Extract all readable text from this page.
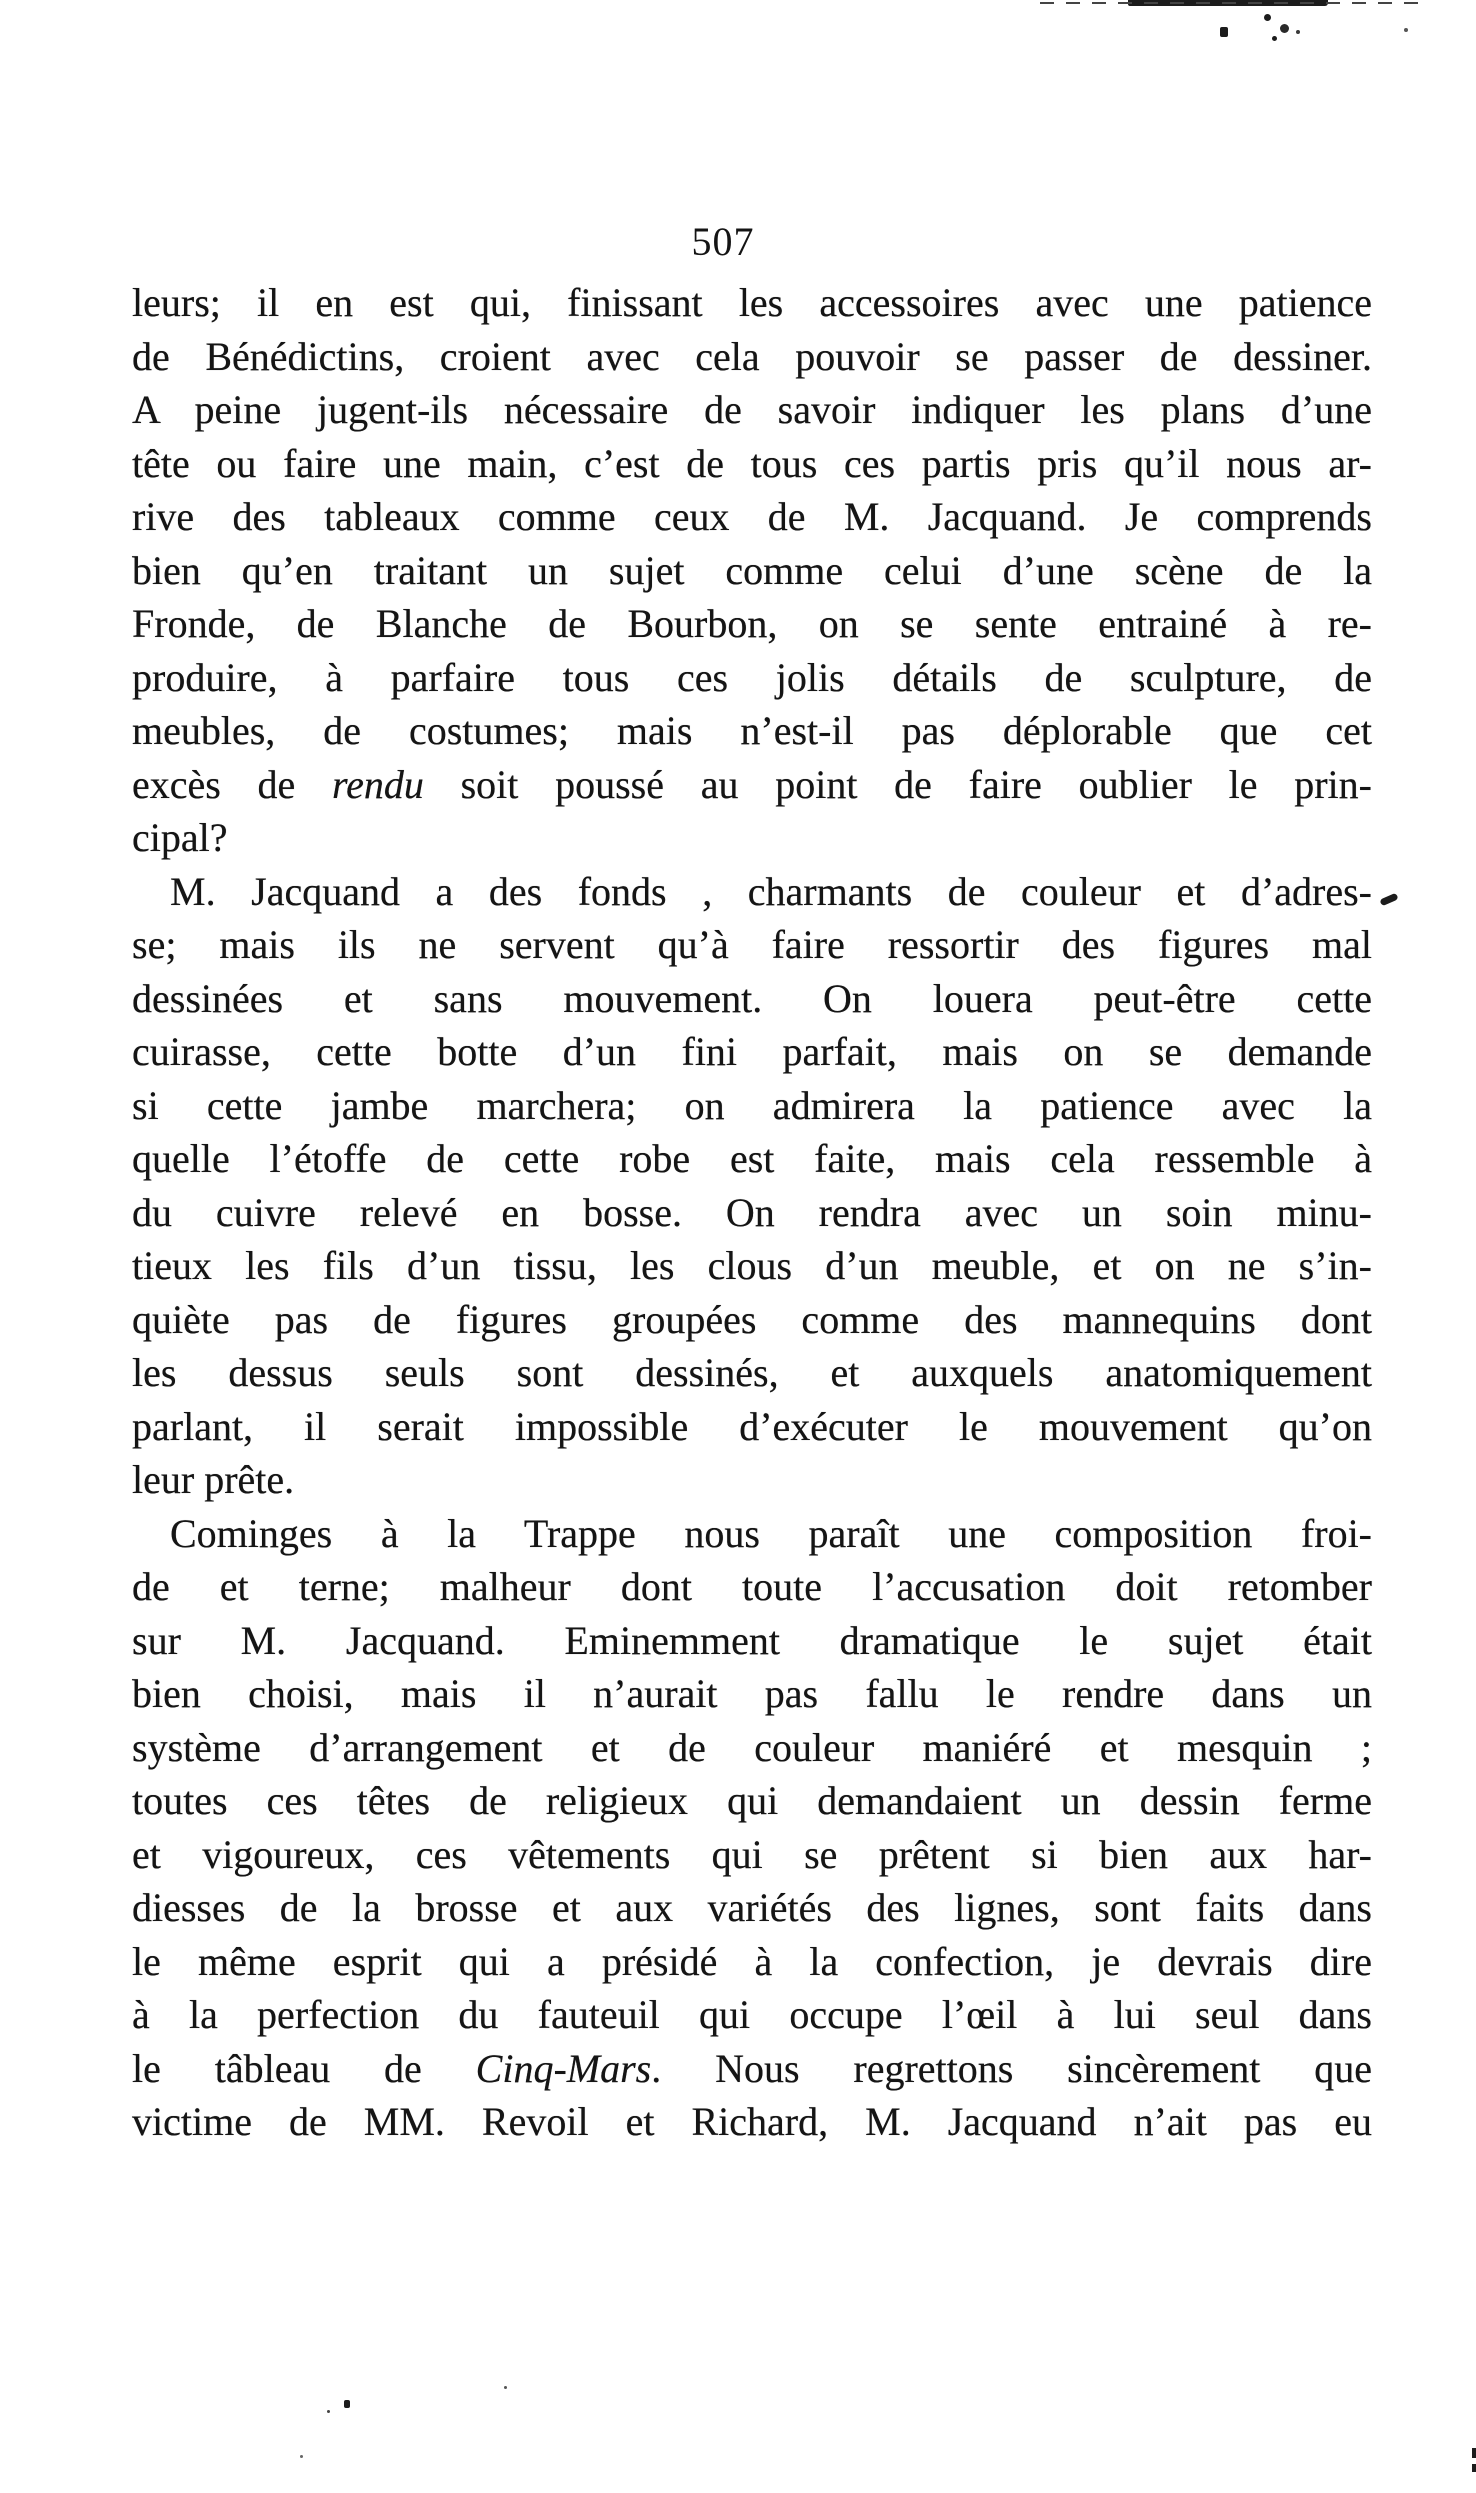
507
leurs; il en est qui, finissant les accessoires avec une patience
de Bénédictins, croient avec cela pouvoir se passer de dessiner.
A peine jugent-ils nécessaire de savoir indiquer les plans d’une
tête ou faire une main, c’est de tous ces partis pris qu’il nous ar-
rive des tableaux comme ceux de M. Jacquand. Je comprends
bien qu’en traitant un sujet comme celui d’une scène de la
Fronde, de Blanche de Bourbon, on se sente entrainé à re-
produire, à parfaire tous ces jolis détails de sculpture, de
meubles, de costumes; mais n’est-il pas déplorable que cet
excès de rendu soit poussé au point de faire oublier le prin-
cipal?
M. Jacquand a des fonds , charmants de couleur et d’adres-
se; mais ils ne servent qu’à faire ressortir des figures mal
dessinées et sans mouvement. On louera peut-être cette
cuirasse, cette botte d’un fini parfait, mais on se demande
si cette jambe marchera; on admirera la patience avec la
quelle l’étoffe de cette robe est faite, mais cela ressemble à
du cuivre relevé en bosse. On rendra avec un soin minu-
tieux les fils d’un tissu, les clous d’un meuble, et on ne s’in-
quiète pas de figures groupées comme des mannequins dont
les dessus seuls sont dessinés, et auxquels anatomiquement
parlant, il serait impossible d’exécuter le mouvement qu’on
leur prête.
Cominges à la Trappe nous paraît une composition froi-
de et terne; malheur dont toute l’accusation doit retomber
sur M. Jacquand. Eminemment dramatique le sujet était
bien choisi, mais il n’aurait pas fallu le rendre dans un
système d’arrangement et de couleur maniéré et mesquin ;
toutes ces têtes de religieux qui demandaient un dessin ferme
et vigoureux, ces vêtements qui se prêtent si bien aux har-
diesses de la brosse et aux variétés des lignes, sont faits dans
le même esprit qui a présidé à la confection, je devrais dire
à la perfection du fauteuil qui occupe l’œil à lui seul dans
le tâbleau de Cinq-Mars. Nous regrettons sincèrement que
victime de MM. Revoil et Richard, M. Jacquand n’ait pas eu
